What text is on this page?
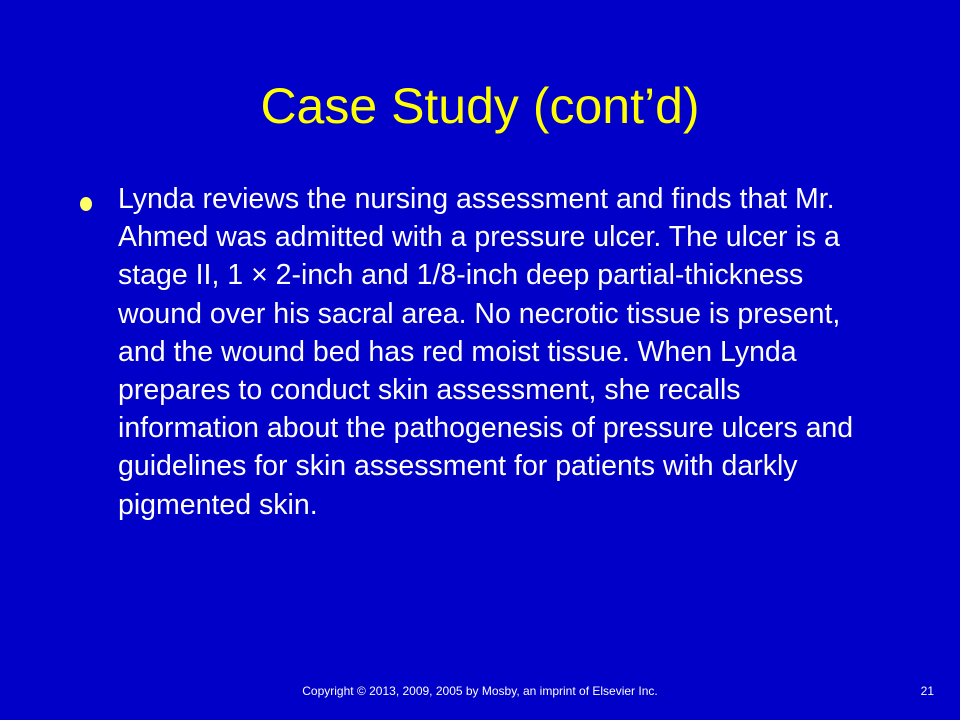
Case Study (cont’d)
Lynda reviews the nursing assessment and finds that Mr. Ahmed was admitted with a pressure ulcer. The ulcer is a stage II, 1 × 2-inch and 1/8-inch deep partial-thickness wound over his sacral area. No necrotic tissue is present, and the wound bed has red moist tissue. When Lynda prepares to conduct skin assessment, she recalls information about the pathogenesis of pressure ulcers and guidelines for skin assessment for patients with darkly pigmented skin.
Copyright © 2013, 2009, 2005 by Mosby, an imprint of Elsevier Inc.	21
